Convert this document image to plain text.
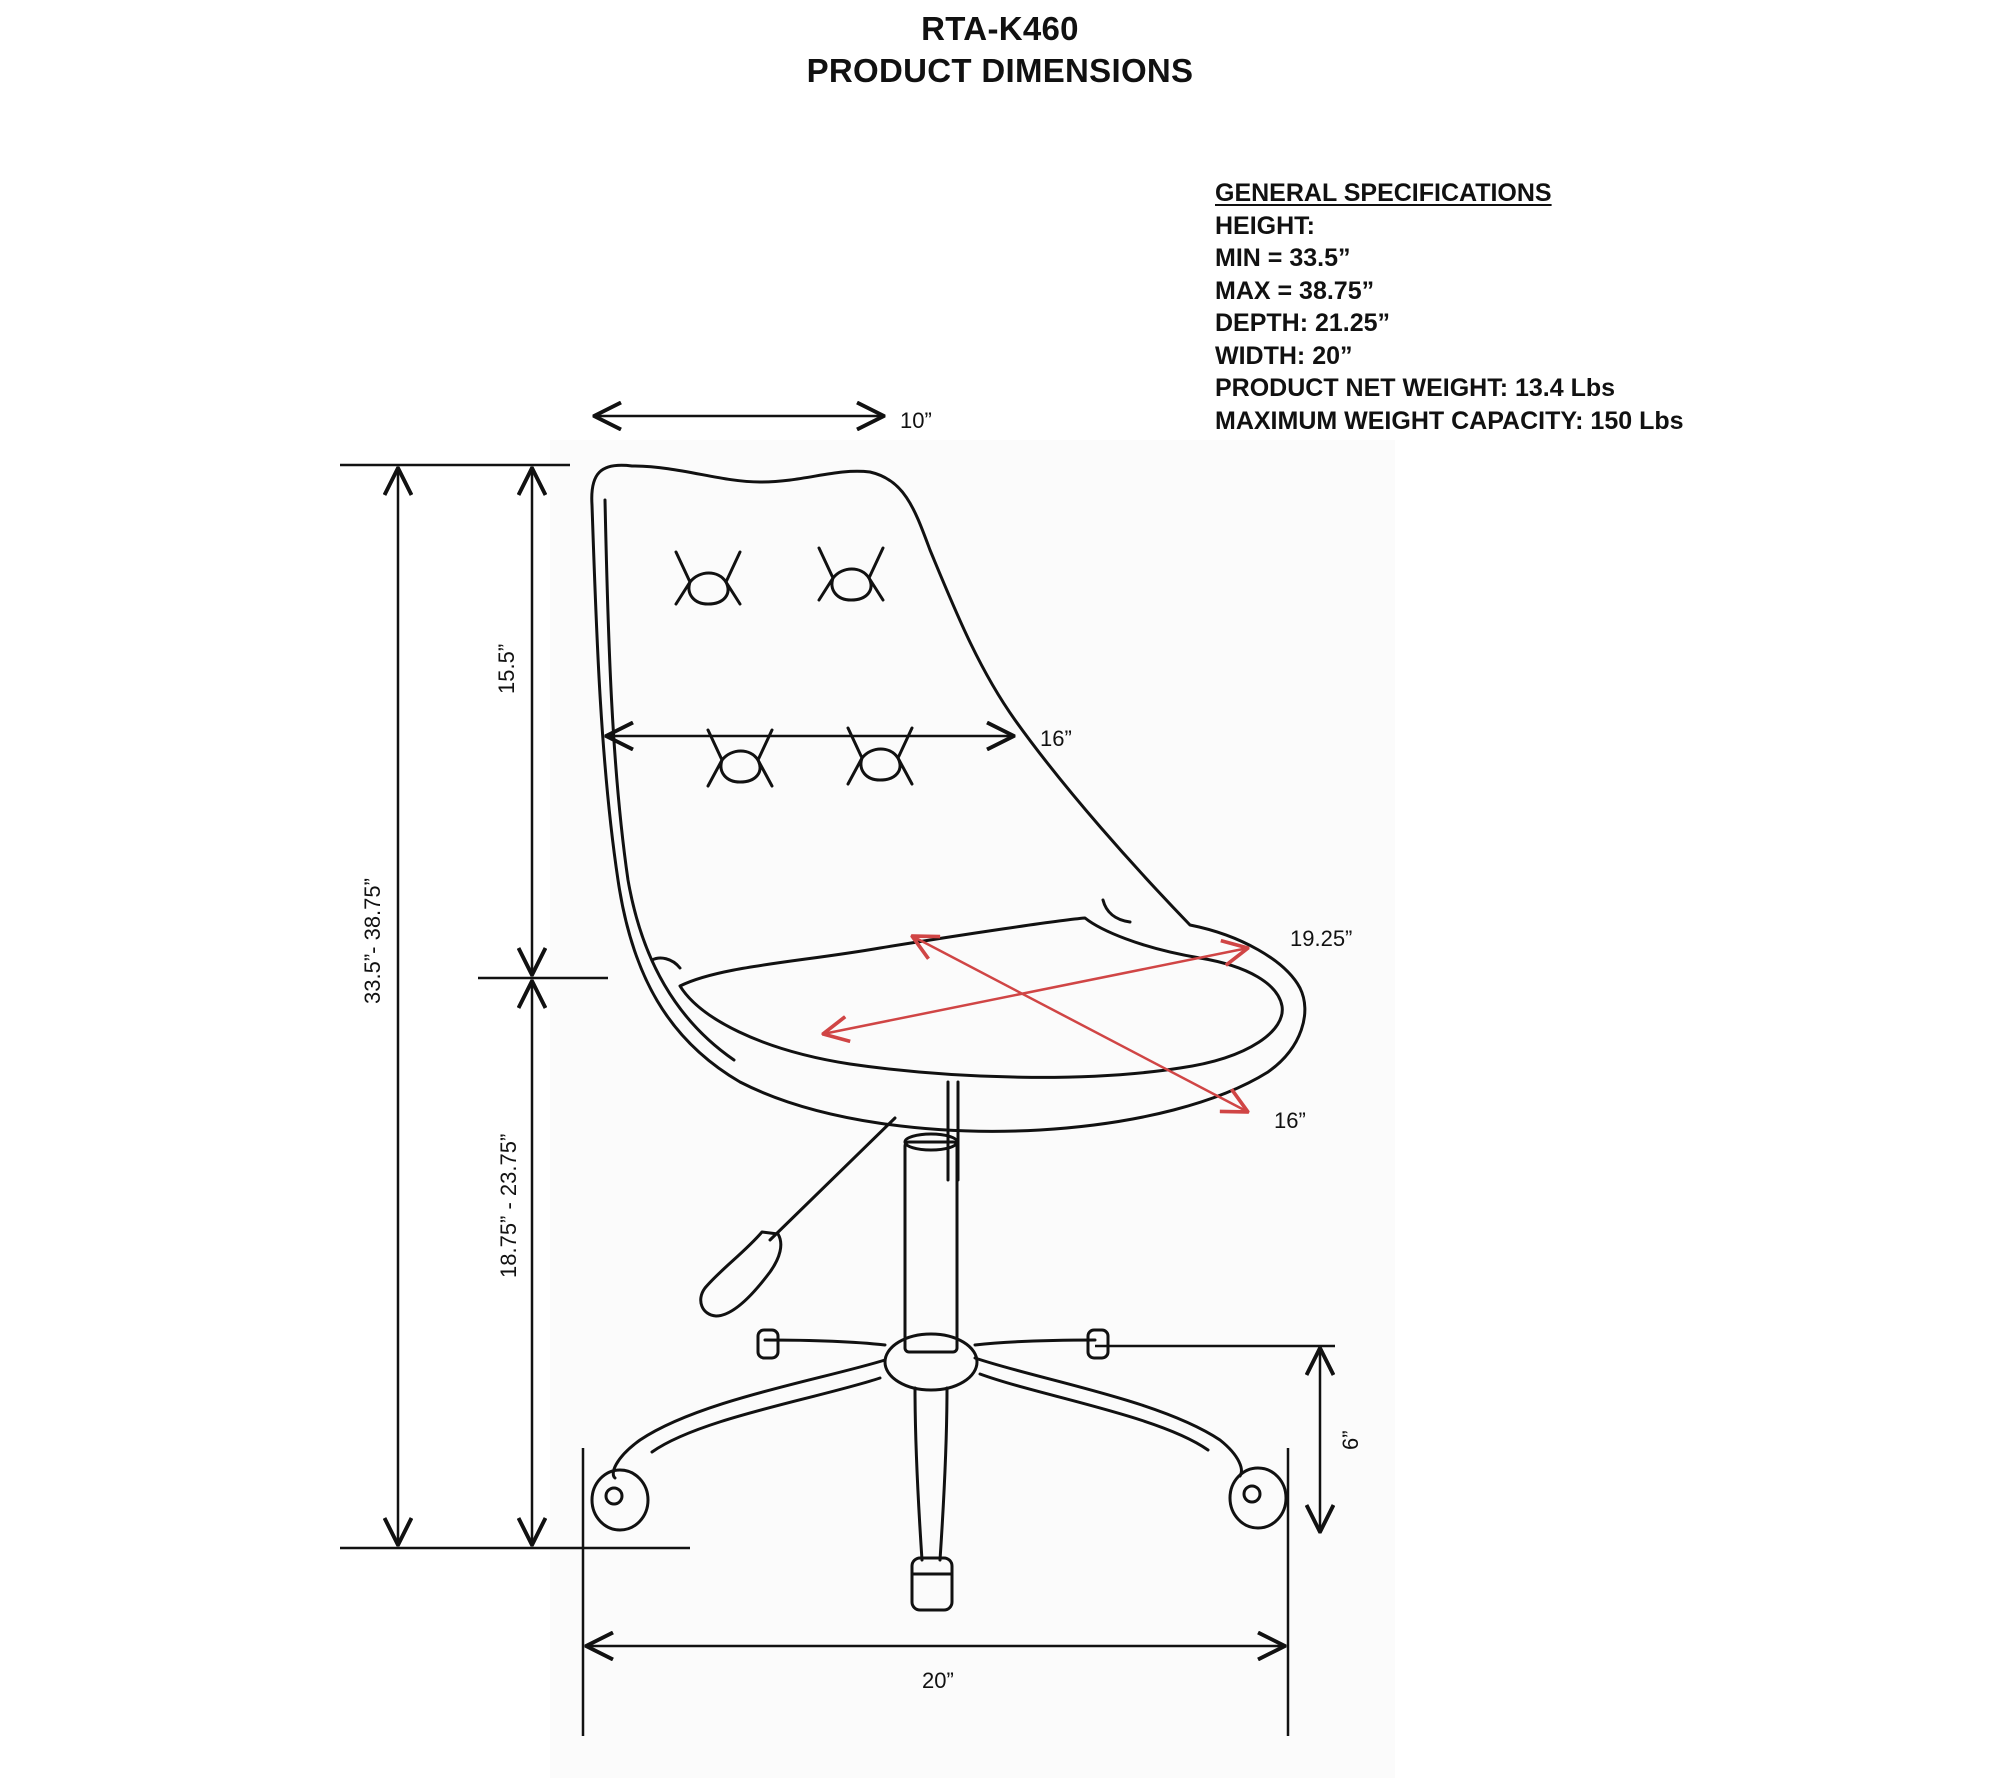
RTA-K460
PRODUCT DIMENSIONS
GENERAL SPECIFICATIONS
HEIGHT:
MIN = 33.5”
MAX = 38.75”
DEPTH: 21.25”
WIDTH: 20”
PRODUCT NET WEIGHT: 13.4 Lbs
MAXIMUM WEIGHT CAPACITY: 150 Lbs
10”
16”
19.25”
16”
15.5”
33.5”- 38.75”
18.75” - 23.75”
6”
20”
